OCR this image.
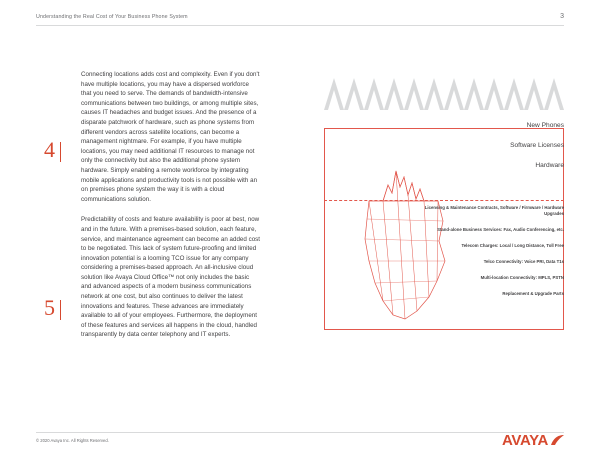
Understanding the Real Cost of Your Business Phone System	3
4
5
Connecting locations adds cost and complexity. Even if you don't have multiple locations, you may have a dispersed workforce that you need to serve. The demands of bandwidth-intensive communications between two buildings, or among multiple sites, causes IT headaches and budget issues. And the presence of a disparate patchwork of hardware, such as phone systems from different vendors across satellite locations, can become a management nightmare. For example, if you have multiple locations, you may need additional IT resources to manage not only the connectivity but also the additional phone system hardware. Simply enabling a remote workforce by integrating mobile applications and productivity tools is not possible with an on premises phone system the way it is with a cloud communications solution.
Predictability of costs and feature availability is poor at best, now and in the future. With a premises-based solution, each feature, service, and maintenance agreement can become an added cost to be negotiated. This lack of system future-proofing and limited innovation potential is a looming TCO issue for any company considering a premises-based approach. An all-inclusive cloud solution like Avaya Cloud Office™ not only includes the basic and advanced aspects of a modern business communications network at one cost, but also continues to deliver the latest innovations and features. These advances are immediately available to all of your employees. Furthermore, the deployment of these features and services all happens in the cloud, handled transparently by data center telephony and IT experts.
New Phones
Software Licenses
Hardware
Licensing & Maintenance Contracts, Software / Firmware / Hardware Upgrades
Stand-alone Business Services: Fax, Audio Conferencing, etc.
Telecom Charges: Local / Long Distance, Toll Free
Telco Connectivity: Voice PRI, Data T1s
Multi-location Connectivity: MPLS, PSTN
Replacement & Upgrade Parts
© 2020 Avaya Inc. All Rights Reserved.	AVAYA
